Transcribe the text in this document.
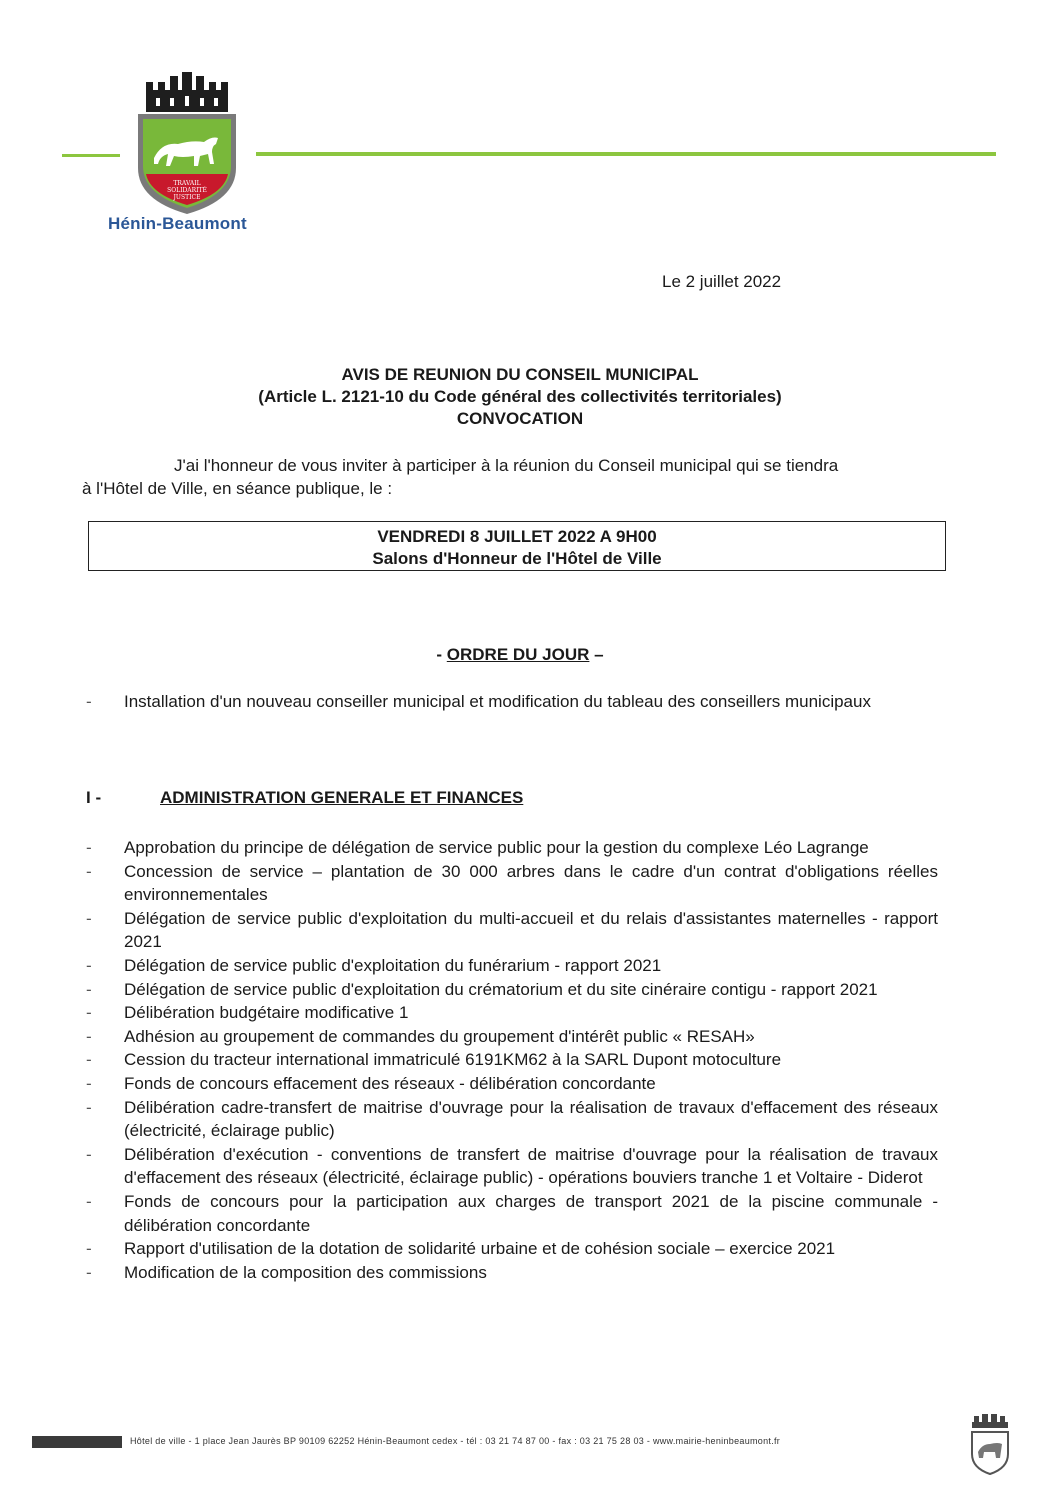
TRAVAIL
SOLIDARITÉ
JUSTICE
Hénin-Beaumont
Le 2 juillet 2022
AVIS DE REUNION DU CONSEIL MUNICIPAL
(Article L. 2121-10 du Code général des collectivités territoriales)
CONVOCATION
J'ai l'honneur de vous inviter à participer à la réunion du Conseil municipal qui se tiendra
à l'Hôtel de Ville, en séance publique, le :
VENDREDI 8 JUILLET 2022 A 9H00
Salons d'Honneur de l'Hôtel de Ville
- ORDRE DU JOUR –
- Installation d'un nouveau conseiller municipal et modification du tableau des conseillers municipaux
I -	ADMINISTRATION GENERALE ET FINANCES
- Approbation du principe de délégation de service public pour la gestion du complexe Léo Lagrange
- Concession de service – plantation de 30 000 arbres dans le cadre d'un contrat d'obligations réelles environnementales
- Délégation de service public d'exploitation du multi-accueil et du relais d'assistantes maternelles - rapport 2021
- Délégation de service public d'exploitation du funérarium - rapport 2021
- Délégation de service public d'exploitation du crématorium et du site cinéraire contigu - rapport 2021
- Délibération budgétaire modificative 1
- Adhésion au groupement de commandes du groupement d'intérêt public « RESAH»
- Cession du tracteur international immatriculé 6191KM62 à la SARL Dupont motoculture
- Fonds de concours effacement des réseaux - délibération concordante
- Délibération cadre-transfert de maitrise d'ouvrage pour la réalisation de travaux d'effacement des réseaux (électricité, éclairage public)
- Délibération d'exécution - conventions de transfert de maitrise d'ouvrage pour la réalisation de travaux d'effacement des réseaux (électricité, éclairage public) - opérations bouviers tranche 1 et Voltaire - Diderot
- Fonds de concours pour la participation aux charges de transport 2021 de la piscine communale - délibération concordante
- Rapport d'utilisation de la dotation de solidarité urbaine et de cohésion sociale – exercice 2021
- Modification de la composition des commissions
Hôtel de ville - 1 place Jean Jaurès BP 90109 62252 Hénin-Beaumont cedex - tél : 03 21 74 87 00 - fax : 03 21 75 28 03 - www.mairie-heninbeaumont.fr
